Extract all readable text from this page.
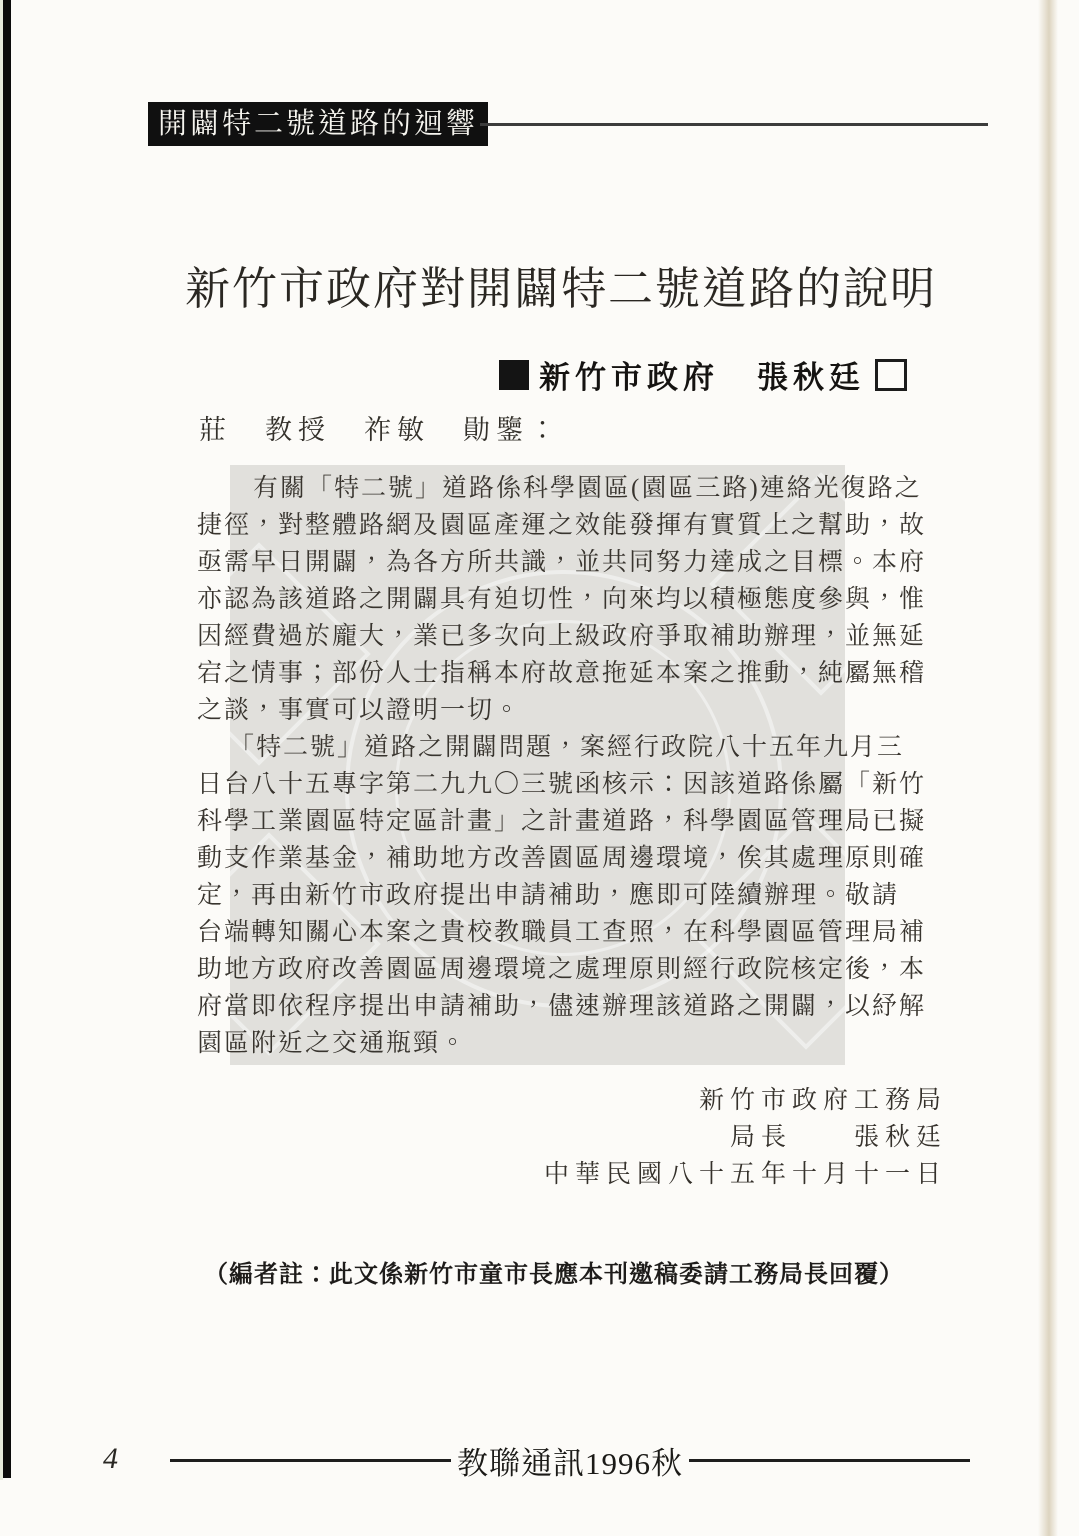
開闢特二號道路的迴響
新竹市政府對開闢特二號道路的說明
新竹市政府 張秋廷
莊　教授　祚敏　勛鑒：
有關「特二號」道路係科學園區(園區三路)連絡光復路之
捷徑，對整體路網及園區產運之效能發揮有實質上之幫助，故
亟需早日開闢，為各方所共識，並共同努力達成之目標。本府
亦認為該道路之開闢具有迫切性，向來均以積極態度參與，惟
因經費過於龐大，業已多次向上級政府爭取補助辦理，並無延
宕之情事；部份人士指稱本府故意拖延本案之推動，純屬無稽
之談，事實可以證明一切。
「特二號」道路之開闢問題，案經行政院八十五年九月三
日台八十五專字第二九九〇三號函核示：因該道路係屬「新竹
科學工業園區特定區計畫」之計畫道路，科學園區管理局已擬
動支作業基金，補助地方改善園區周邊環境，俟其處理原則確
定，再由新竹市政府提出申請補助，應即可陸續辦理。敬請
台端轉知關心本案之貴校教職員工查照，在科學園區管理局補
助地方政府改善園區周邊環境之處理原則經行政院核定後，本
府當即依程序提出申請補助，儘速辦理該道路之開闢，以紓解
園區附近之交通瓶頸。
新竹市政府工務局
局長　　張秋廷
中華民國八十五年十月十一日
（編者註：此文係新竹市童市長應本刊邀稿委請工務局長回覆）
4	教聯通訊1996秋
